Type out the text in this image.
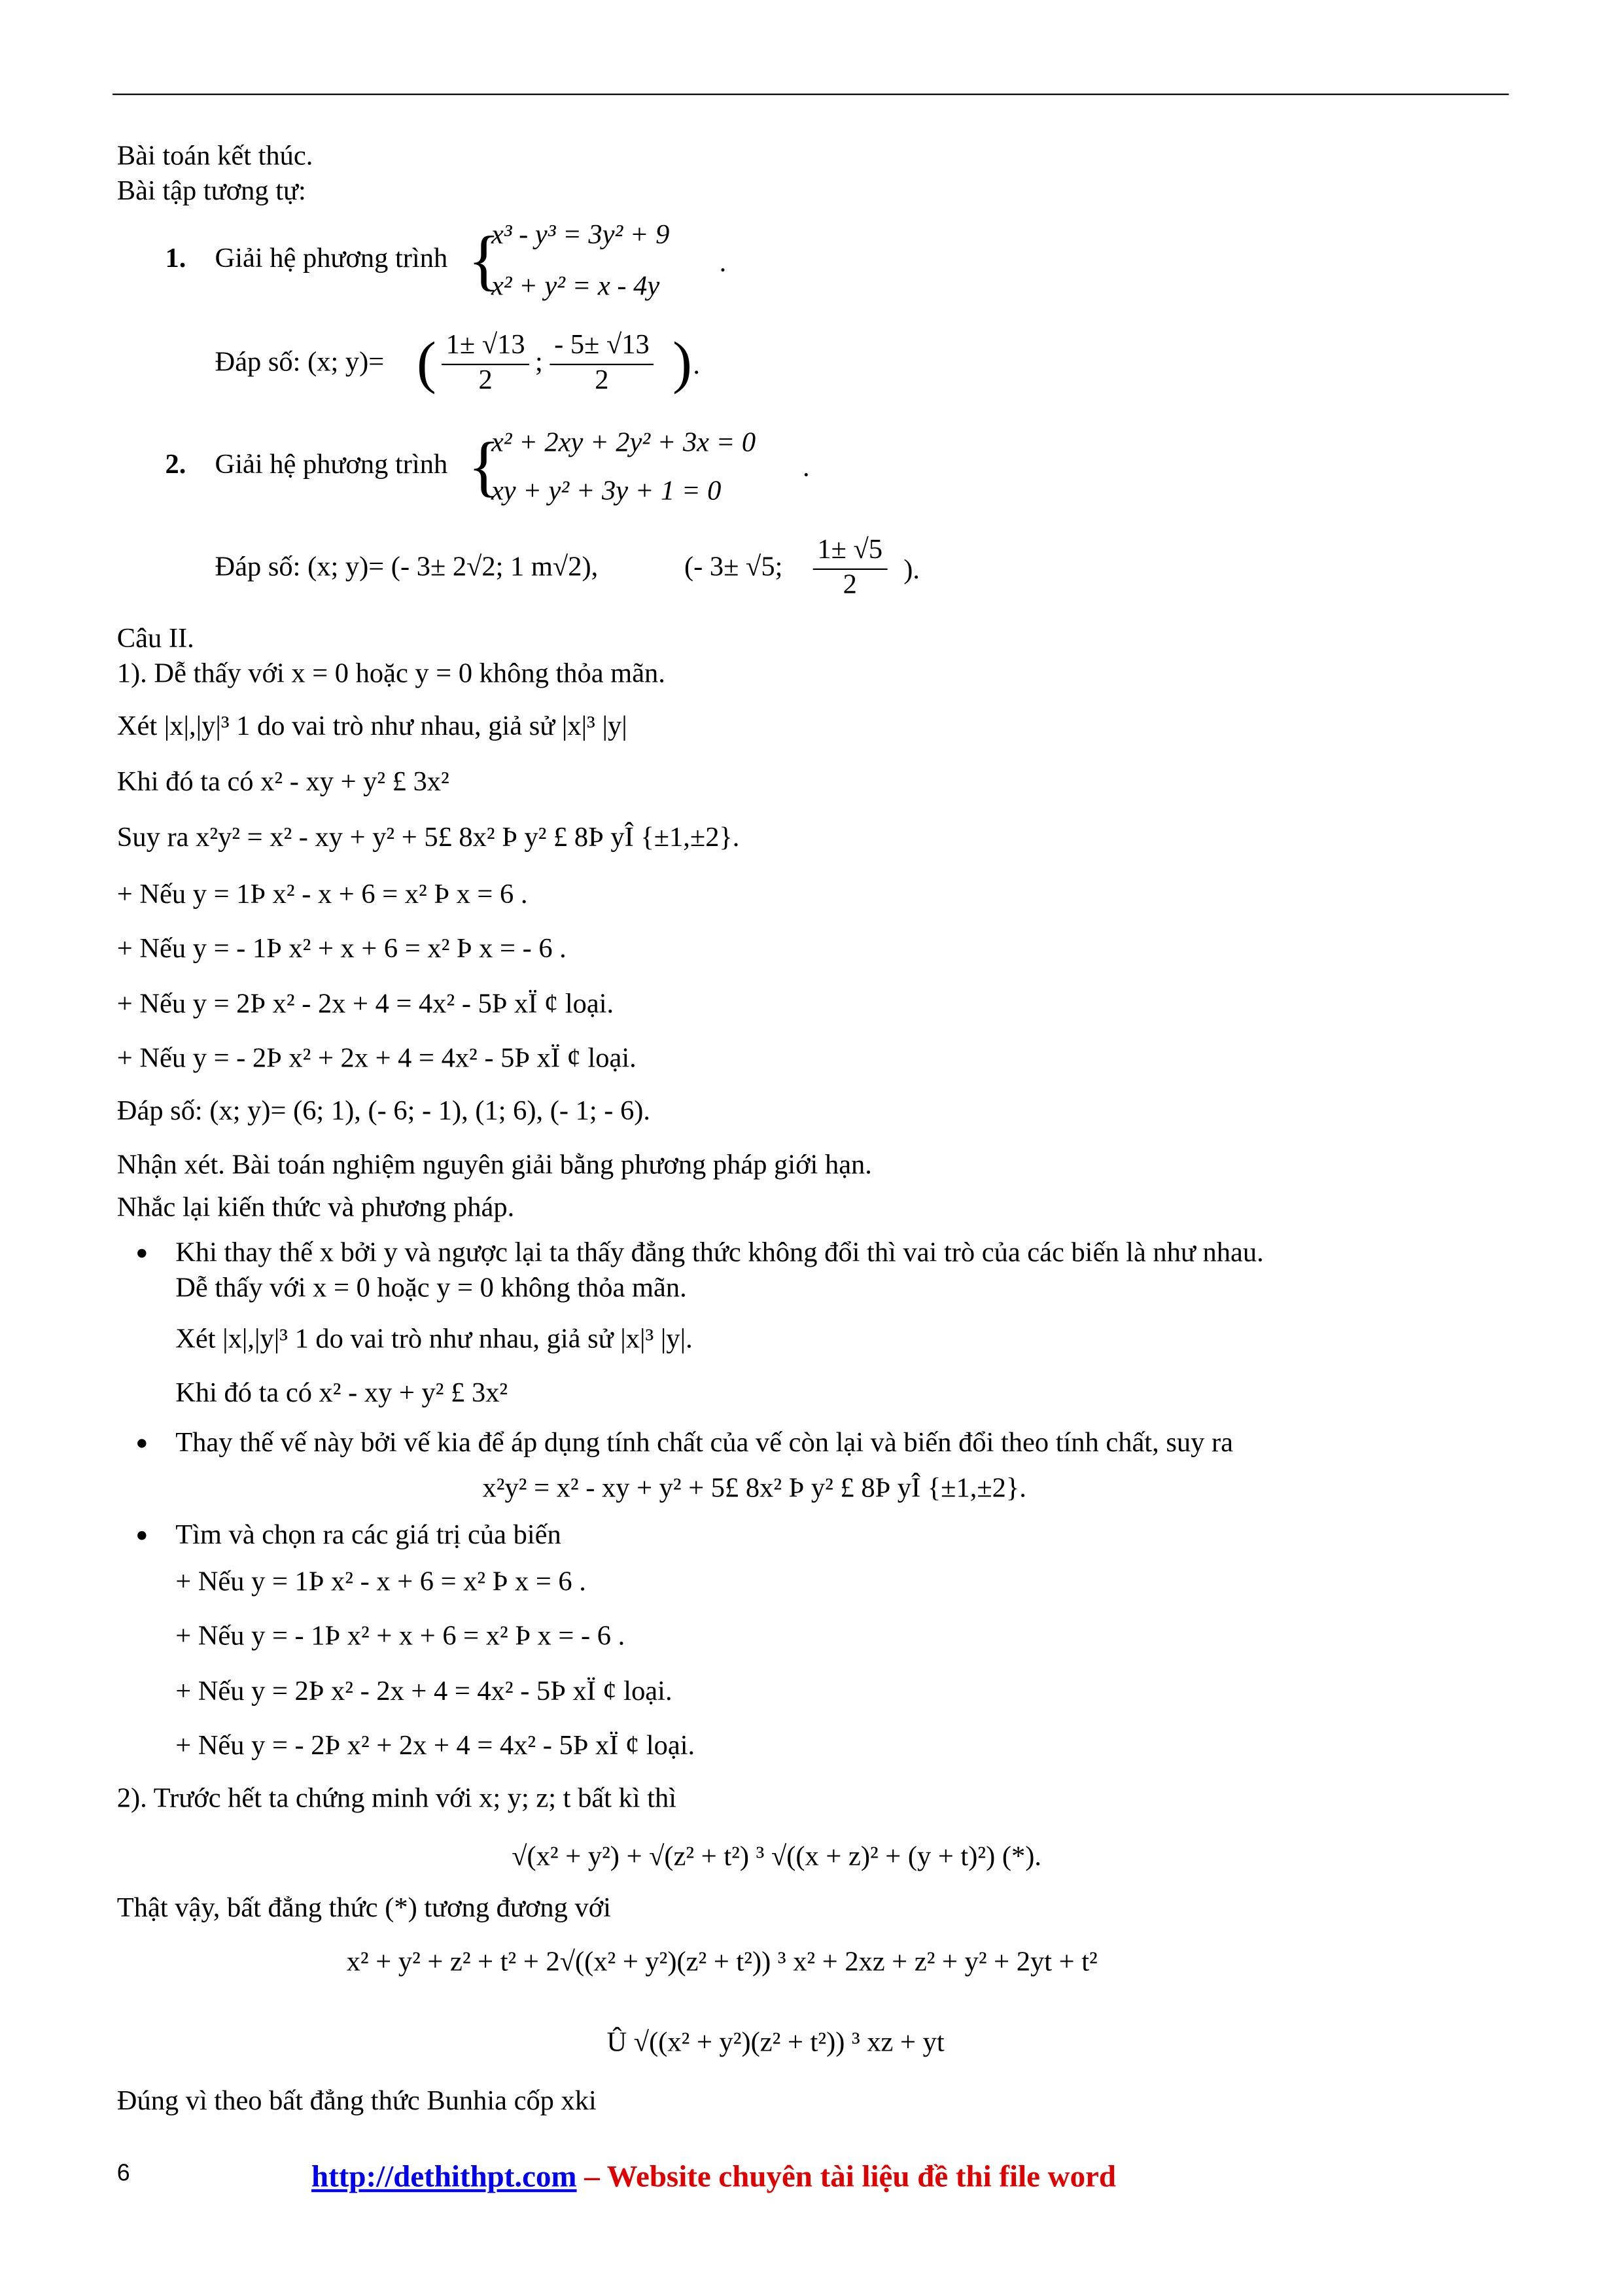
Bài toán kết thúc.
Bài tập tương tự:
1. Giải hệ phương trình {
x³ - y³ = 3y² + 9
x² + y² = x - 4y
.
Đáp số: (x; y)= ( $\frac{1\pm √13}{2}$ ; $\frac{- 5\pm √13}{2}$ ) .
2. Giải hệ phương trình {
x² + 2xy + 2y² + 3x = 0
xy + y² + 3y + 1 = 0
.
Đáp số: (x; y)= (- 3± 2√2; 1 m√2),	(- 3± √5; $\frac{1\pm √5}{2}$ ).
Câu II.
1). Dễ thấy với x = 0 hoặc y = 0 không thỏa mãn.
Xét |x|,|y|³ 1 do vai trò như nhau, giả sử |x|³ |y|
Khi đó ta có x² - xy + y² £ 3x²
Suy ra x²y² = x² - xy + y² + 5£ 8x² Þ y² £ 8Þ yÎ {±1,±2}.
+ Nếu y = 1Þ x² - x + 6 = x² Þ x = 6 .
+ Nếu y = - 1Þ x² + x + 6 = x² Þ x = - 6 .
+ Nếu y = 2Þ x² - 2x + 4 = 4x² - 5Þ xÏ ¢ loại.
+ Nếu y = - 2Þ x² + 2x + 4 = 4x² - 5Þ xÏ ¢ loại.
Đáp số: (x; y)= (6; 1), (- 6; - 1), (1; 6), (- 1; - 6).
Nhận xét. Bài toán nghiệm nguyên giải bằng phương pháp giới hạn.
Nhắc lại kiến thức và phương pháp.
Khi thay thế x bởi y và ngược lại ta thấy đẳng thức không đổi thì vai trò của các biến là như nhau.
Dễ thấy với x = 0 hoặc y = 0 không thỏa mãn.
Xét |x|,|y|³ 1 do vai trò như nhau, giả sử |x|³ |y|.
Khi đó ta có x² - xy + y² £ 3x²
Thay thế vế này bởi vế kia để áp dụng tính chất của vế còn lại và biến đổi theo tính chất, suy ra
x²y² = x² - xy + y² + 5£ 8x² Þ y² £ 8Þ yÎ {±1,±2}.
Tìm và chọn ra các giá trị của biến
+ Nếu y = 1Þ x² - x + 6 = x² Þ x = 6 .
+ Nếu y = - 1Þ x² + x + 6 = x² Þ x = - 6 .
+ Nếu y = 2Þ x² - 2x + 4 = 4x² - 5Þ xÏ ¢ loại.
+ Nếu y = - 2Þ x² + 2x + 4 = 4x² - 5Þ xÏ ¢ loại.
2). Trước hết ta chứng minh với x; y; z; t bất kì thì
√(x² + y²) + √(z² + t²) ³ √((x + z)² + (y + t)²) (*).
Thật vậy, bất đẳng thức (*) tương đương với
x² + y² + z² + t² + 2√((x² + y²)(z² + t²)) ³ x² + 2xz + z² + y² + 2yt + t²
Û √((x² + y²)(z² + t²)) ³ xz + yt
Đúng vì theo bất đẳng thức Bunhia cốp xki
6	http://dethithpt.com – Website chuyên tài liệu đề thi file word
